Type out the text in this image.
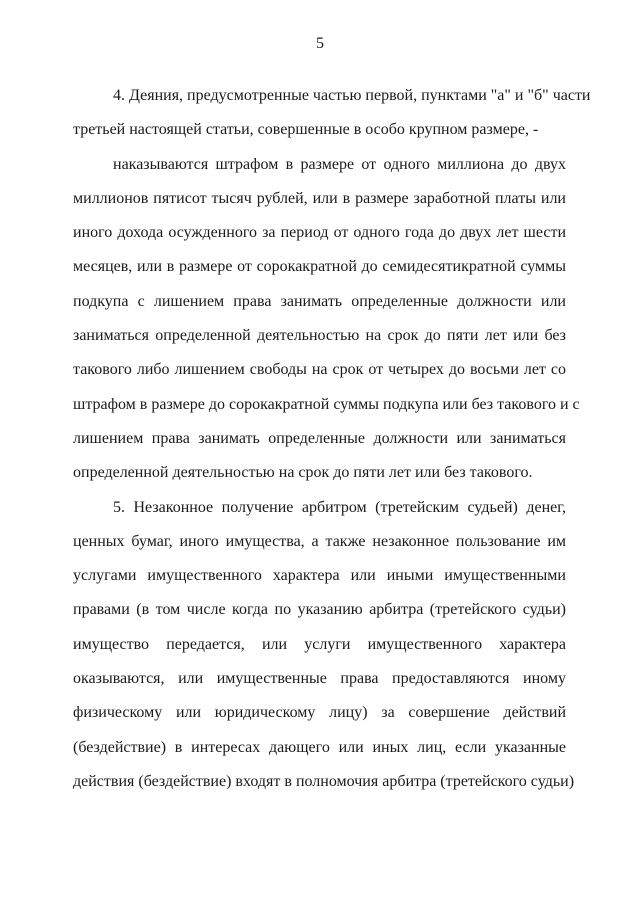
5
4. Деяния, предусмотренные частью первой, пунктами "а" и "б" части
третьей настоящей статьи, совершенные в особо крупном размере, -
наказываются штрафом в размере от одного миллиона до двух
миллионов пятисот тысяч рублей, или в размере заработной платы или
иного дохода осужденного за период от одного года до двух лет шести
месяцев, или в размере от сорокакратной до семидесятикратной суммы
подкупа с лишением права занимать определенные должности или
заниматься определенной деятельностью на срок до пяти лет или без
такового либо лишением свободы на срок от четырех до восьми лет со
штрафом в размере до сорокакратной суммы подкупа или без такового и с
лишением права занимать определенные должности или заниматься
определенной деятельностью на срок до пяти лет или без такового.
5. Незаконное получение арбитром (третейским судьей) денег,
ценных бумаг, иного имущества, а также незаконное пользование им
услугами имущественного характера или иными имущественными
правами (в том числе когда по указанию арбитра (третейского судьи)
имущество передается, или услуги имущественного характера
оказываются, или имущественные права предоставляются иному
физическому или юридическому лицу) за совершение действий
(бездействие) в интересах дающего или иных лиц, если указанные
действия (бездействие) входят в полномочия арбитра (третейского судьи)
